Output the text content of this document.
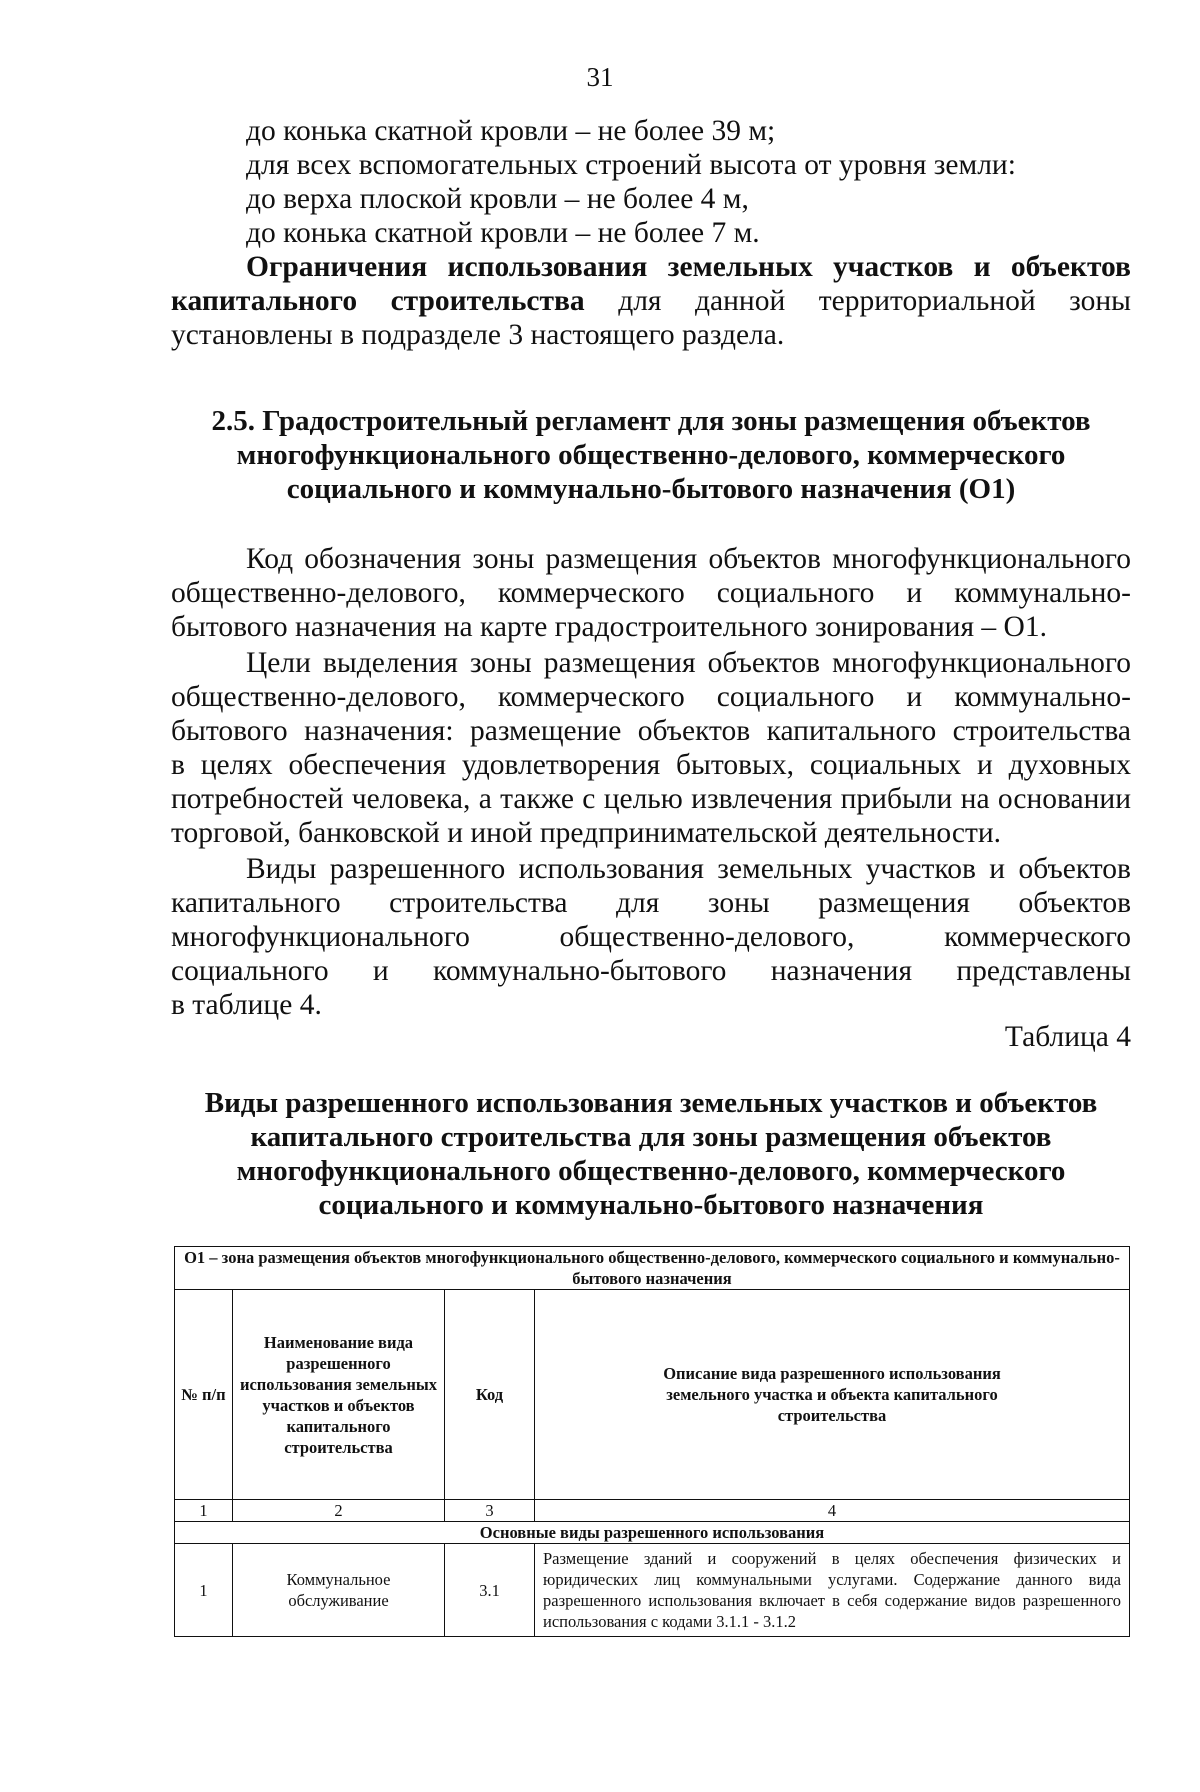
31
до конька скатной кровли – не более 39 м;
для всех вспомогательных строений высота от уровня земли:
до верха плоской кровли – не более 4 м,
до конька скатной кровли – не более 7 м.
Ограничения использования земельных участков и объектов
капитального строительства для данной территориальной зоны
установлены в подразделе 3 настоящего раздела.
2.5. Градостроительный регламент для зоны размещения объектов
многофункционального общественно-делового, коммерческого
социального и коммунально-бытового назначения (О1)
Код обозначения зоны размещения объектов многофункционального
общественно-делового, коммерческого социального и коммунально-
бытового назначения на карте градостроительного зонирования – О1.
Цели выделения зоны размещения объектов многофункционального
общественно-делового, коммерческого социального и коммунально-
бытового назначения: размещение объектов капитального строительства
в целях обеспечения удовлетворения бытовых, социальных и духовных
потребностей человека, а также с целью извлечения прибыли на основании
торговой, банковской и иной предпринимательской деятельности.
Виды разрешенного использования земельных участков и объектов
капитального строительства для зоны размещения объектов
многофункционального общественно-делового, коммерческого
социального и коммунально-бытового назначения представлены
в таблице 4.
Таблица 4
Виды разрешенного использования земельных участков и объектов
капитального строительства для зоны размещения объектов
многофункционального общественно-делового, коммерческого
социального и коммунально-бытового назначения
О1 – зона размещения объектов многофункционального общественно-делового, коммерческого социального и коммунально-бытового назначения			
№ п/п	Наименование вида разрешенного использования земельных участков и объектов капитального строительства	Код	Описание вида разрешенного использования земельного участка и объекта капитального строительства
1	2	3	4
Основные виды разрешенного использования			
1	Коммунальное обслуживание	3.1	Размещение зданий и сооружений в целях обеспечения физических и юридических лиц коммунальными услугами. Содержание данного вида разрешенного использования включает в себя содержание видов разрешенного использования с кодами 3.1.1 - 3.1.2
